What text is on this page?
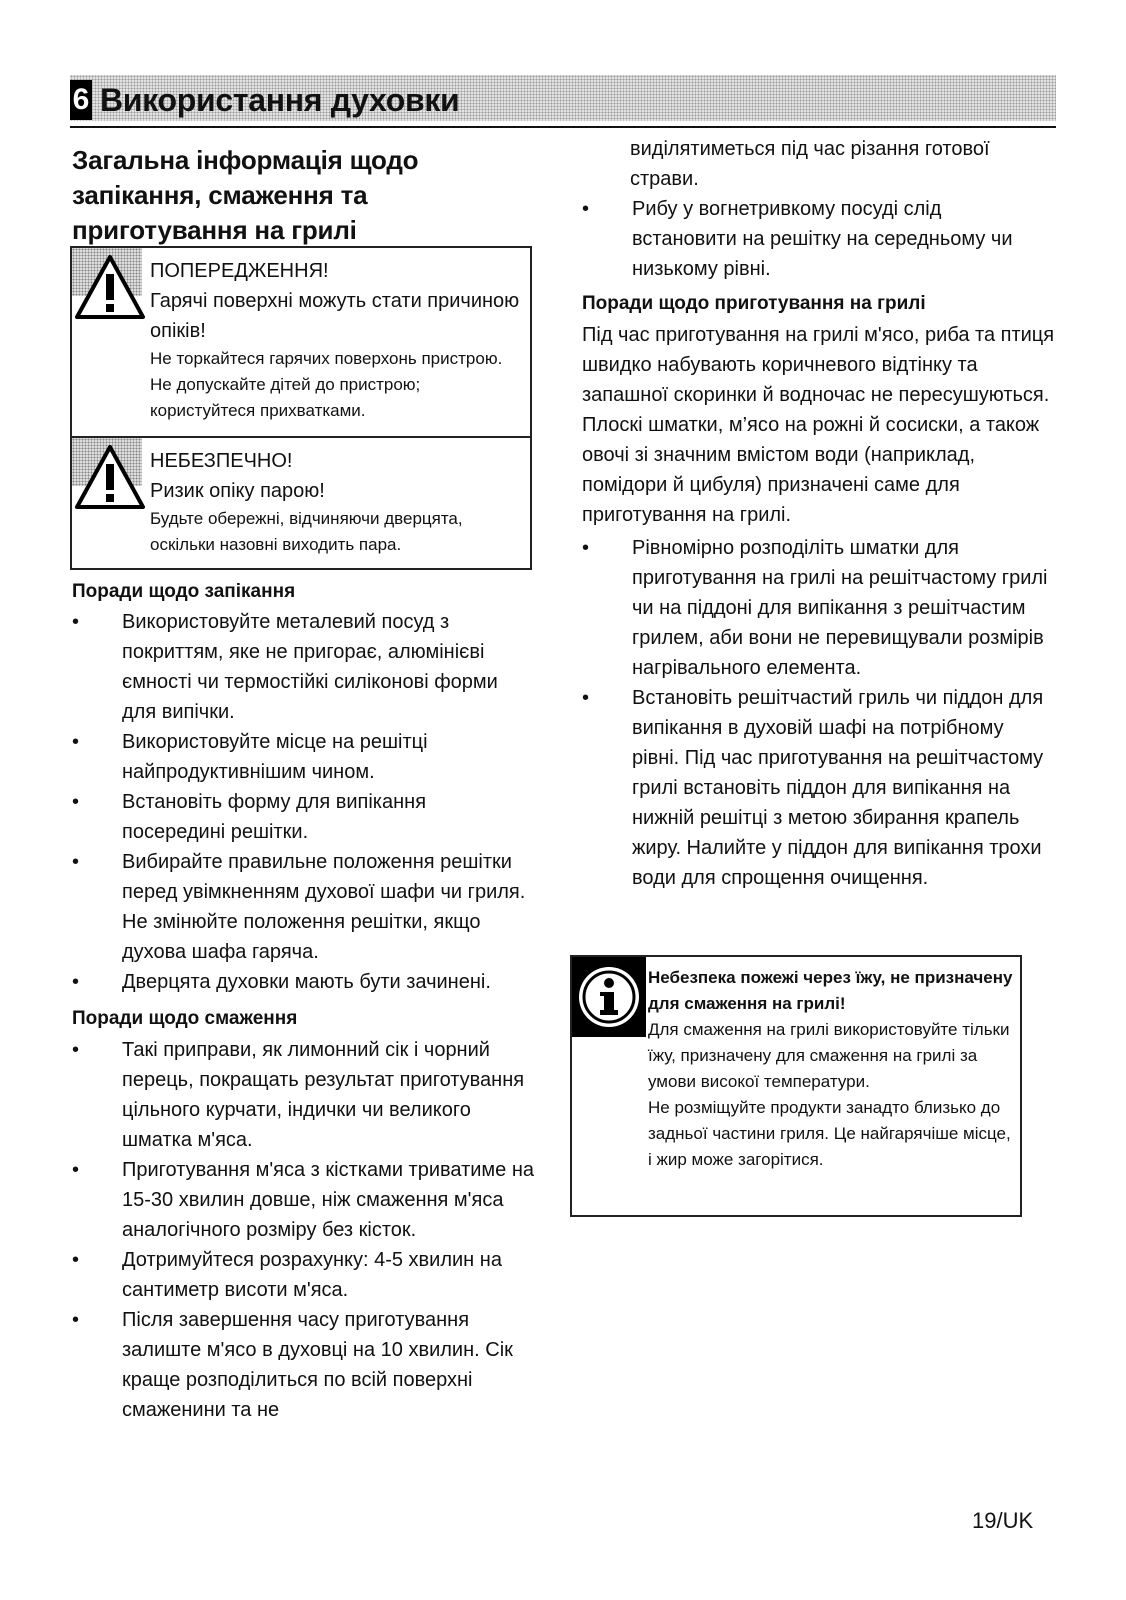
6 Використання духовки
Загальна інформація щодо запікання, смаження та приготування на грилі
ПОПЕРЕДЖЕННЯ!
Гарячі поверхні можуть стати причиною опіків!
Не торкайтеся гарячих поверхонь пристрою. Не допускайте дітей до пристрою; користуйтеся прихватками.
НЕБЕЗПЕЧНО!
Ризик опіку парою!
Будьте обережні, відчиняючи дверцята, оскільки назовні виходить пара.
Поради щодо запікання
• Використовуйте металевий посуд з покриттям, яке не пригорає, алюмінієві ємності чи термостійкі силіконові форми для випічки.
• Використовуйте місце на решітці найпродуктивнішим чином.
• Встановіть форму для випікання посередині решітки.
• Вибирайте правильне положення решітки перед увімкненням духової шафи чи гриля. Не змінюйте положення решітки, якщо духова шафа гаряча.
• Дверцята духовки мають бути зачинені.
Поради щодо смаження
• Такі приправи, як лимонний сік і чорний перець, покращать результат приготування цільного курчати, індички чи великого шматка м'яса.
• Приготування м'яса з кістками триватиме на 15-30 хвилин довше, ніж смаження м'яса аналогічного розміру без кісток.
• Дотримуйтеся розрахунку: 4-5 хвилин на сантиметр висоти м'яса.
• Після завершення часу приготування залиште м'ясо в духовці на 10 хвилин. Сік краще розподілиться по всій поверхні смаженини та не
виділятиметься під час різання готової страви.
• Рибу у вогнетривкому посуді слід встановити на решітку на середньому чи низькому рівні.
Поради щодо приготування на грилі
Під час приготування на грилі м'ясо, риба та птиця швидко набувають коричневого відтінку та запашної скоринки й водночас не пересушуються. Плоскі шматки, м’ясо на рожні й сосиски, а також овочі зі значним вмістом води (наприклад, помідори й цибуля) призначені саме для приготування на грилі.
• Рівномірно розподіліть шматки для приготування на грилі на решітчастому грилі чи на піддоні для випікання з решітчастим грилем, аби вони не перевищували розмірів нагрівального елемента.
• Встановіть решітчастий гриль чи піддон для випікання в духовій шафі на потрібному рівні. Під час приготування на решітчастому грилі встановіть піддон для випікання на нижній решітці з метою збирання крапель жиру. Налийте у піддон для випікання трохи води для спрощення очищення.
Небезпека пожежі через їжу, не призначену для смаження на грилі!
Для смаження на грилі використовуйте тільки їжу, призначену для смаження на грилі за умови високої температури.
Не розміщуйте продукти занадто близько до задньої частини гриля. Це найгарячіше місце, і жир може загорітися.
19/UK
